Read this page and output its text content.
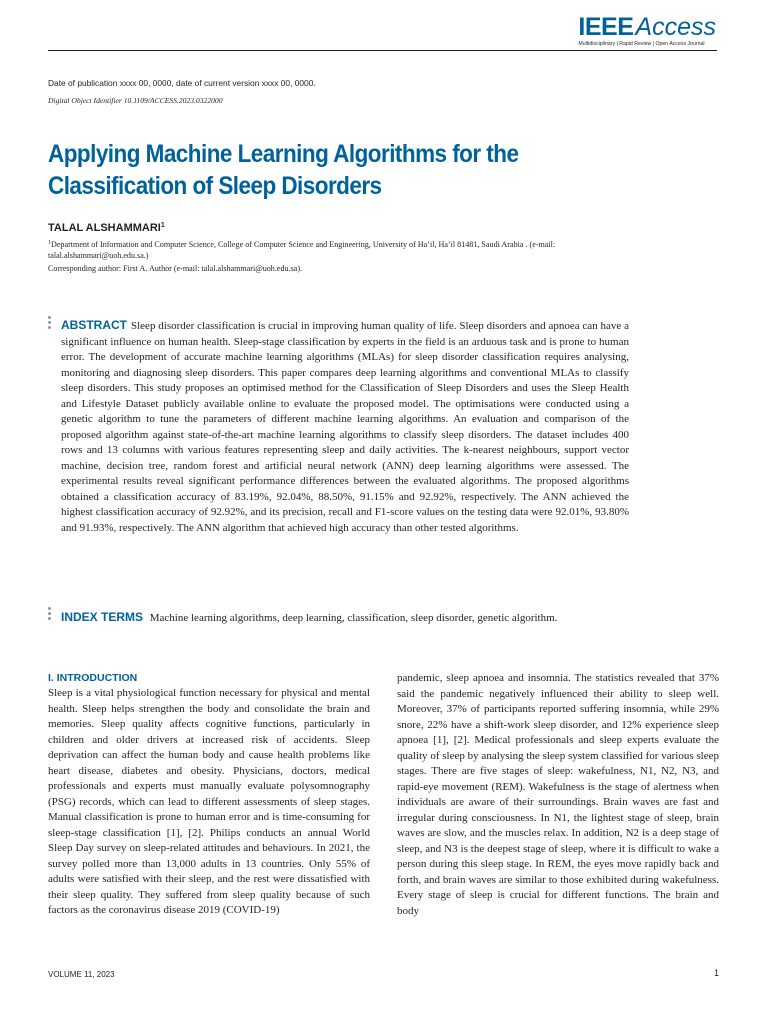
IEEEAccess
Multidisciplinary | Rapid Review | Open Access Journal
Date of publication xxxx 00, 0000, date of current version xxxx 00, 0000.
Digital Object Identifier 10.1109/ACCESS.2023.0322000
Applying Machine Learning Algorithms for the Classification of Sleep Disorders
TALAL ALSHAMMARI$^1$
$^1$Department of Information and Computer Science, College of Computer Science and Engineering, University of Ha’il, Ha’il 81481, Saudi Arabia . (e-mail: talal.alshammari@uoh.edu.sa.)
Corresponding author: First A. Author (e-mail: talal.alshammari@uoh.edu.sa).
ABSTRACT Sleep disorder classification is crucial in improving human quality of life. Sleep disorders and apnoea can have a significant influence on human health. Sleep-stage classification by experts in the field is an arduous task and is prone to human error. The development of accurate machine learning algorithms (MLAs) for sleep disorder classification requires analysing, monitoring and diagnosing sleep disorders. This paper compares deep learning algorithms and conventional MLAs to classify sleep disorders. This study proposes an optimised method for the Classification of Sleep Disorders and uses the Sleep Health and Lifestyle Dataset publicly available online to evaluate the proposed model. The optimisations were conducted using a genetic algorithm to tune the parameters of different machine learning algorithms. An evaluation and comparison of the proposed algorithm against state-of-the-art machine learning algorithms to classify sleep disorders. The dataset includes 400 rows and 13 columns with various features representing sleep and daily activities. The k-nearest neighbours, support vector machine, decision tree, random forest and artificial neural network (ANN) deep learning algorithms were assessed. The experimental results reveal significant performance differences between the evaluated algorithms. The proposed algorithms obtained a classification accuracy of 83.19%, 92.04%, 88.50%, 91.15% and 92.92%, respectively. The ANN achieved the highest classification accuracy of 92.92%, and its precision, recall and F1-score values on the testing data were 92.01%, 93.80% and 91.93%, respectively. The ANN algorithm that achieved high accuracy than other tested algorithms.
INDEX TERMS Machine learning algorithms, deep learning, classification, sleep disorder, genetic algorithm.
I. INTRODUCTION
Sleep is a vital physiological function necessary for physical and mental health. Sleep helps strengthen the body and consolidate the brain and memories. Sleep quality affects cognitive functions, particularly in children and older drivers at increased risk of accidents. Sleep deprivation can affect the human body and cause health problems like heart disease, diabetes and obesity. Physicians, doctors, medical professionals and experts must manually evaluate polysomnography (PSG) records, which can lead to different assessments of sleep stages. Manual classification is prone to human error and is time-consuming for sleep-stage classification [1], [2]. Philips conducts an annual World Sleep Day survey on sleep-related attitudes and behaviours. In 2021, the survey polled more than 13,000 adults in 13 countries. Only 55% of adults were satisfied with their sleep, and the rest were dissatisfied with their sleep quality. They suffered from sleep quality because of such factors as the coronavirus disease 2019 (COVID-19)
pandemic, sleep apnoea and insomnia. The statistics revealed that 37% said the pandemic negatively influenced their ability to sleep well. Moreover, 37% of participants reported suffering insomnia, while 29% snore, 22% have a shift-work sleep disorder, and 12% experience sleep apnoea [1], [2]. Medical professionals and sleep experts evaluate the quality of sleep by analysing the sleep system classified for various sleep stages. There are five stages of sleep: wakefulness, N1, N2, N3, and rapid-eye movement (REM). Wakefulness is the stage of alertness when individuals are aware of their surroundings. Brain waves are fast and irregular during consciousness. In N1, the lightest stage of sleep, brain waves are slow, and the muscles relax. In addition, N2 is a deep stage of sleep, and N3 is the deepest stage of sleep, where it is difficult to wake a person during this sleep stage. In REM, the eyes move rapidly back and forth, and brain waves are similar to those exhibited during wakefulness. Every stage of sleep is crucial for different functions. The brain and body
VOLUME 11, 2023	1
